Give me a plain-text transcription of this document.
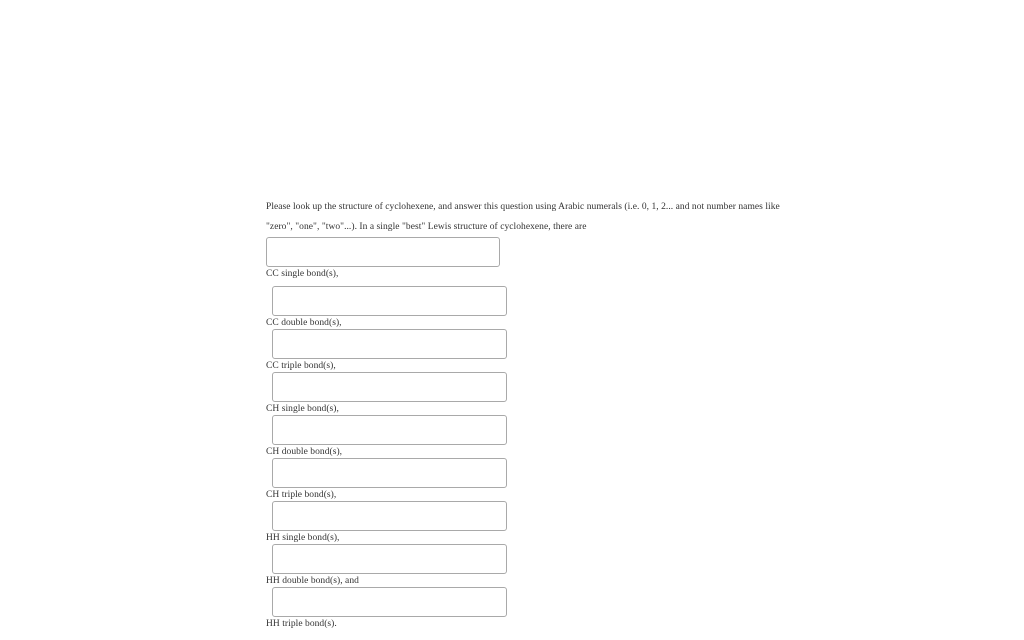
Please look up the structure of cyclohexene, and answer this question using Arabic numerals (i.e. 0, 1, 2... and not number names like "zero", "one", "two"...). In a single "best" Lewis structure of cyclohexene, there are

CC single bond(s),
CC double bond(s),
CC triple bond(s),
CH single bond(s),
CH double bond(s),
CH triple bond(s),
HH single bond(s),
HH double bond(s), and
HH triple bond(s).
